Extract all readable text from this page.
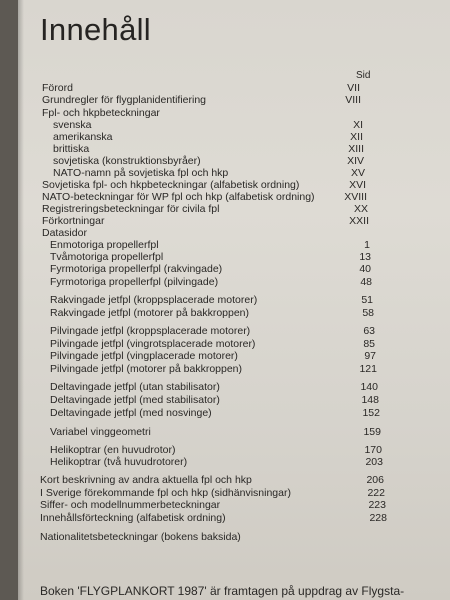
Innehåll
Sid
Förord	VII
Grundregler för flygplanidentifiering	VIII
Fpl- och hkpbeteckningar
svenska	XI
amerikanska	XII
brittiska	XIII
sovjetiska (konstruktionsbyråer)	XIV
NATO-namn på sovjetiska fpl och hkp	XV
Sovjetiska fpl- och hkpbeteckningar (alfabetisk ordning)	XVI
NATO-beteckningar för WP fpl och hkp (alfabetisk ordning)	XVIII
Registreringsbeteckningar för civila fpl	XX
Förkortningar	XXII
Datasidor
Enmotoriga propellerfpl	1
Tvåmotoriga propellerfpl	13
Fyrmotoriga propellerfpl (rakvingade)	40
Fyrmotoriga propellerfpl (pilvingade)	48
Rakvingade jetfpl (kroppsplacerade motorer)	51
Rakvingade jetfpl (motorer på bakkroppen)	58
Pilvingade jetfpl (kroppsplacerade motorer)	63
Pilvingade jetfpl (vingrotsplacerade motorer)	85
Pilvingade jetfpl (vingplacerade motorer)	97
Pilvingade jetfpl (motorer på bakkroppen)	121
Deltavingade jetfpl (utan stabilisator)	140
Deltavingade jetfpl (med stabilisator)	148
Deltavingade jetfpl (med nosvinge)	152
Variabel vinggeometri	159
Helikoptrar (en huvudrotor)	170
Helikoptrar (två huvudrotorer)	203
Kort beskrivning av andra aktuella fpl och hkp	206
I Sverige förekommande fpl och hkp (sidhänvisningar)	222
Siffer- och modellnummerbeteckningar	223
Innehållsförteckning (alfabetisk ordning)	228
Nationalitetsbeteckningar (bokens baksida)
Boken 'FLYGPLANKORT 1987' är framtagen på uppdrag av Flygsta-
